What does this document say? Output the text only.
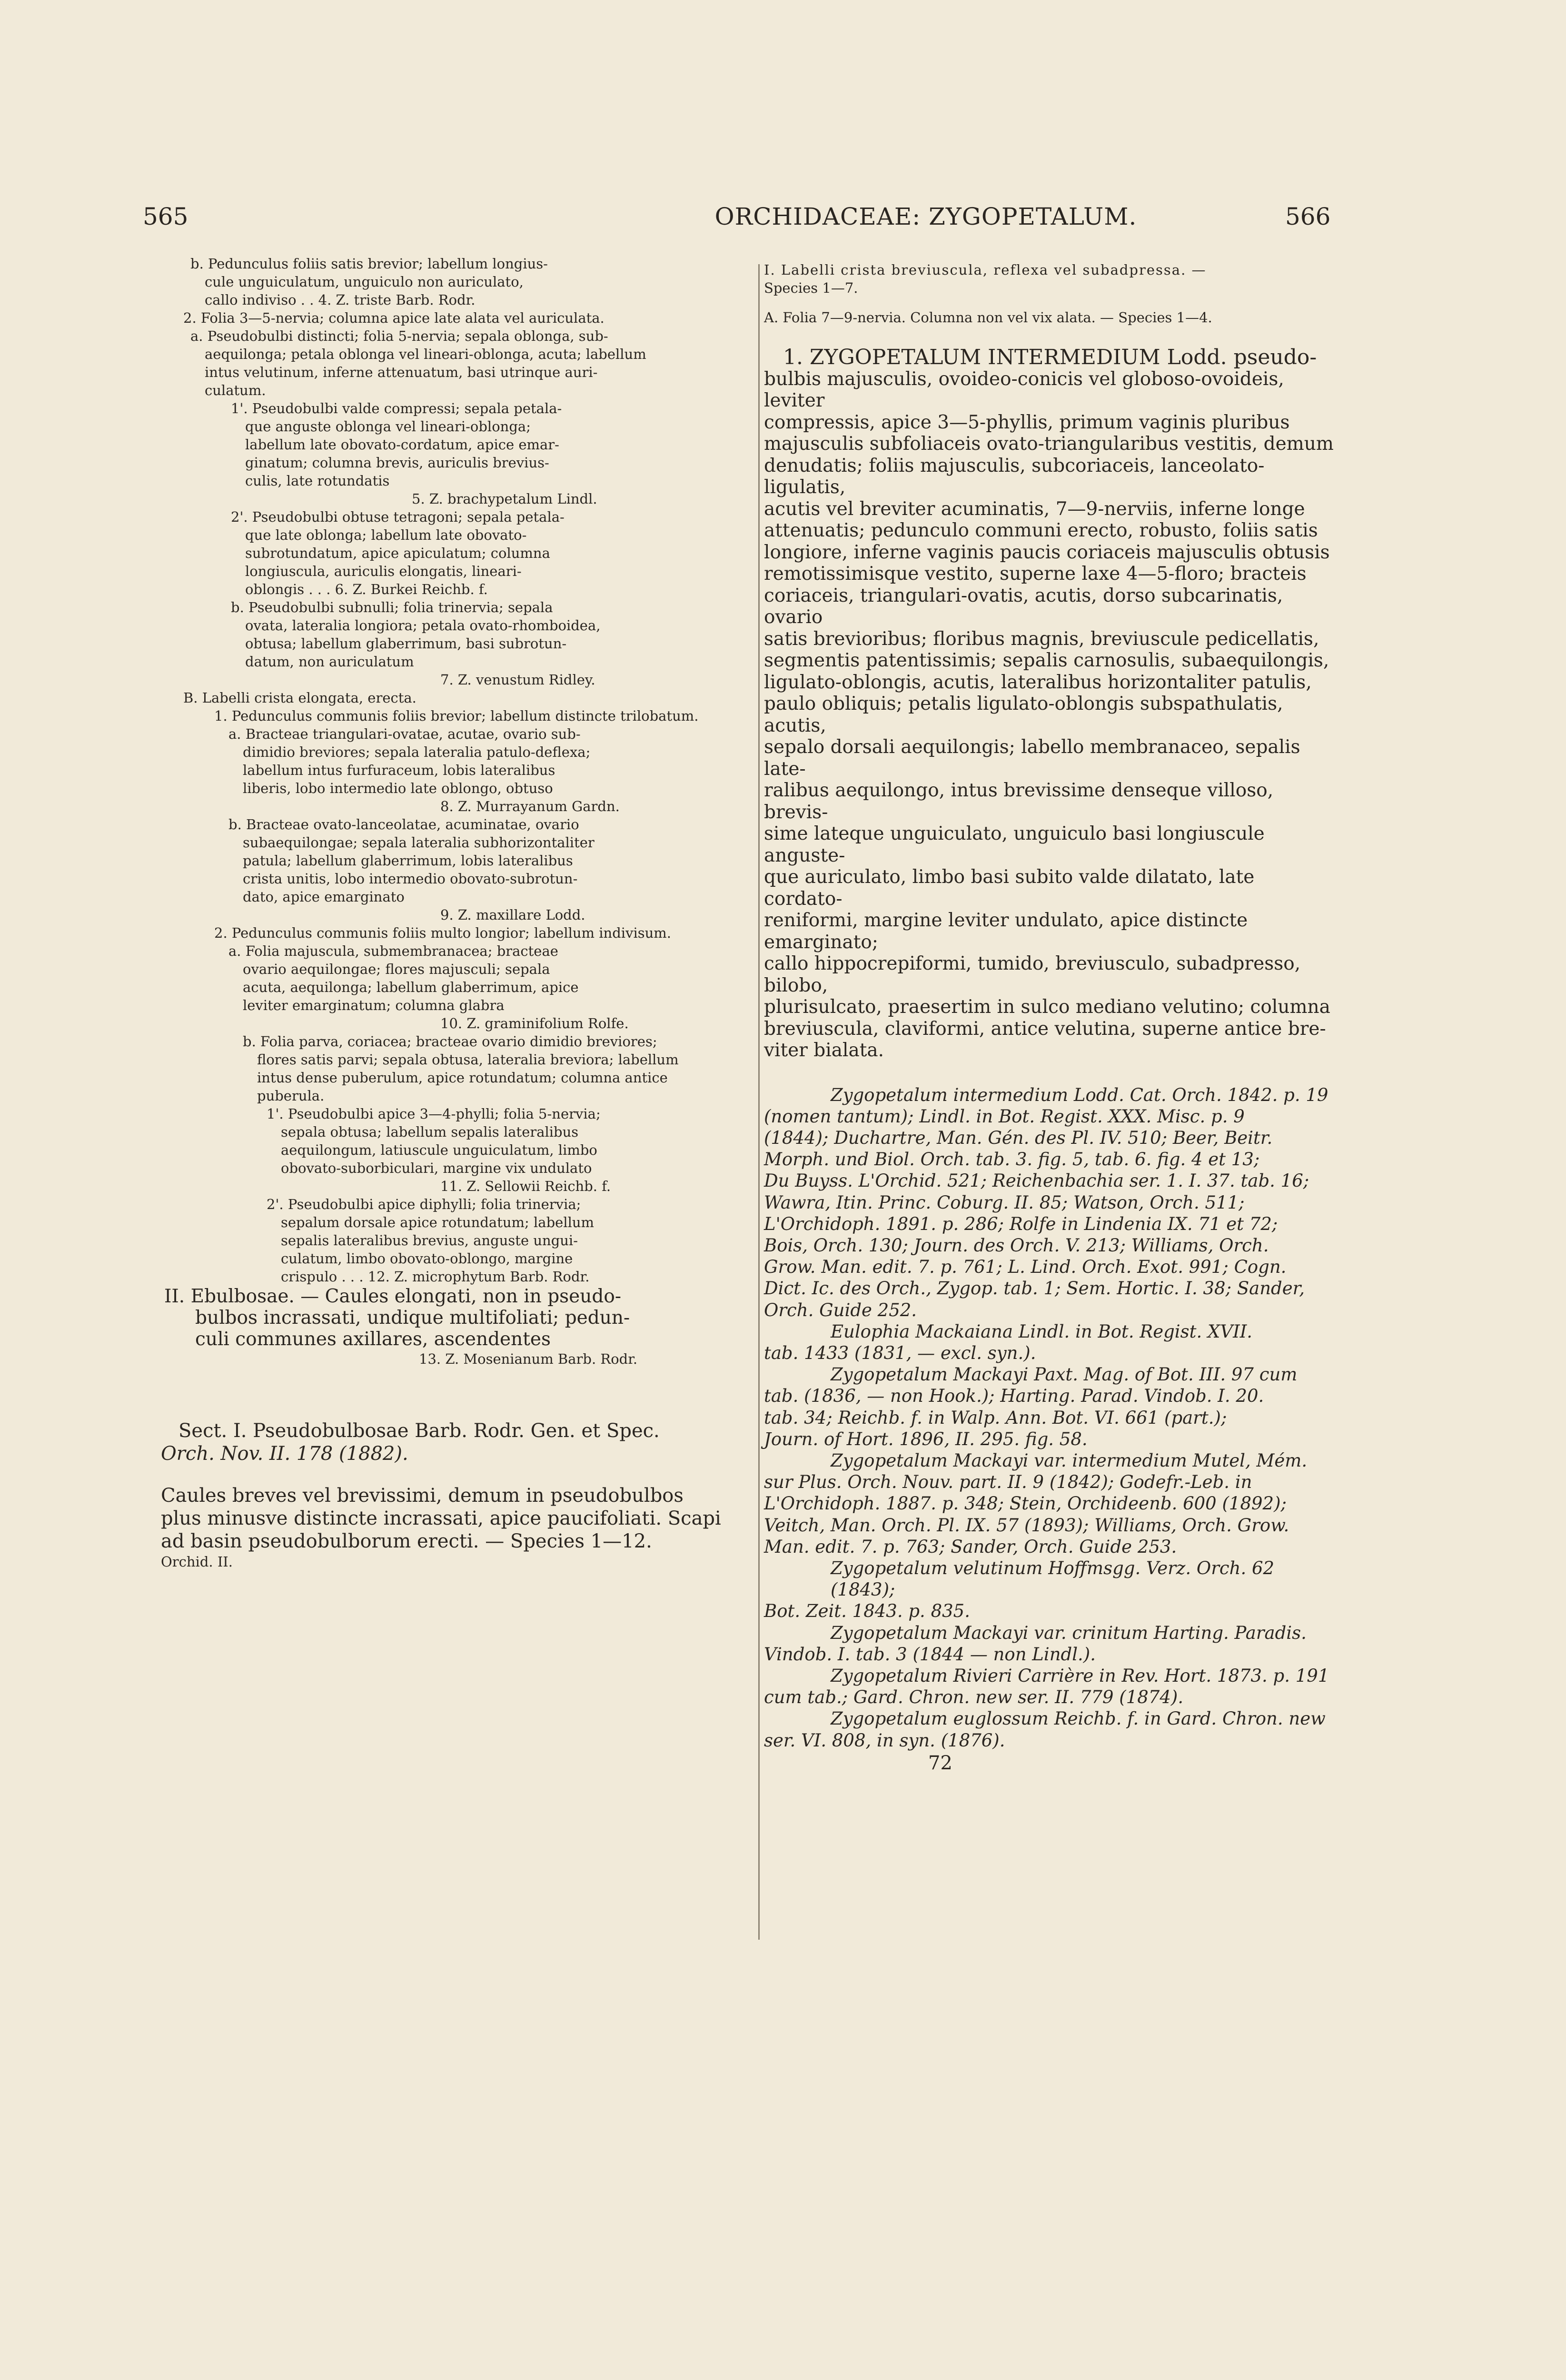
565	ORCHIDACEAE: ZYGOPETALUM.	566
b. Pedunculus foliis satis brevior; labellum longius-
cule unguiculatum, unguiculo non auriculato,
callo indiviso . . 4. Z. triste Barb. Rodr.
2. Folia 3—5-nervia; columna apice late alata vel auriculata.
a. Pseudobulbi distincti; folia 5-nervia; sepala oblonga, sub-
aequilonga; petala oblonga vel lineari-oblonga, acuta; labellum
intus velutinum, inferne attenuatum, basi utrinque auri-
culatum.
1'. Pseudobulbi valde compressi; sepala petala-
que anguste oblonga vel lineari-oblonga;
labellum late obovato-cordatum, apice emar-
ginatum; columna brevis, auriculis brevius-
culis, late rotundatis
5. Z. brachypetalum Lindl.
2'. Pseudobulbi obtuse tetragoni; sepala petala-
que late oblonga; labellum late obovato-
subrotundatum, apice apiculatum; columna
longiuscula, auriculis elongatis, lineari-
oblongis . . . 6. Z. Burkei Reichb. f.
b. Pseudobulbi subnulli; folia trinervia; sepala
ovata, lateralia longiora; petala ovato-rhomboidea,
obtusa; labellum glaberrimum, basi subrotun-
datum, non auriculatum
7. Z. venustum Ridley.
B. Labelli crista elongata, erecta.
1. Pedunculus communis foliis brevior; labellum distincte trilobatum.
a. Bracteae triangulari-ovatae, acutae, ovario sub-
dimidio breviores; sepala lateralia patulo-deflexa;
labellum intus furfuraceum, lobis lateralibus
liberis, lobo intermedio late oblongo, obtuso
8. Z. Murrayanum Gardn.
b. Bracteae ovato-lanceolatae, acuminatae, ovario
subaequilongae; sepala lateralia subhorizontaliter
patula; labellum glaberrimum, lobis lateralibus
crista unitis, lobo intermedio obovato-subrotun-
dato, apice emarginato
9. Z. maxillare Lodd.
2. Pedunculus communis foliis multo longior; labellum indivisum.
a. Folia majuscula, submembranacea; bracteae
ovario aequilongae; flores majusculi; sepala
acuta, aequilonga; labellum glaberrimum, apice
leviter emarginatum; columna glabra
10. Z. graminifolium Rolfe.
b. Folia parva, coriacea; bracteae ovario dimidio breviores;
flores satis parvi; sepala obtusa, lateralia breviora; labellum
intus dense puberulum, apice rotundatum; columna antice
puberula.
1'. Pseudobulbi apice 3—4-phylli; folia 5-nervia;
sepala obtusa; labellum sepalis lateralibus
aequilongum, latiuscule unguiculatum, limbo
obovato-suborbiculari, margine vix undulato
11. Z. Sellowii Reichb. f.
2'. Pseudobulbi apice diphylli; folia trinervia;
sepalum dorsale apice rotundatum; labellum
sepalis lateralibus brevius, anguste ungui-
culatum, limbo obovato-oblongo, margine
crispulo . . . 12. Z. microphytum Barb. Rodr.
II. Ebulbosae. — Caules elongati, non in pseudo-
bulbos incrassati, undique multifoliati; pedun-
culi communes axillares, ascendentes
13. Z. Mosenianum Barb. Rodr.
Sect. I. Pseudobulbosae Barb. Rodr. Gen. et Spec.
Orch. Nov. II. 178 (1882).
Caules breves vel brevissimi, demum in pseudobulbos
plus minusve distincte incrassati, apice paucifoliati. Scapi
ad basin pseudobulborum erecti. — Species 1—12.
Orchid. II.
I. Labelli crista breviuscula, reflexa vel subadpressa. —
Species 1—7.
A. Folia 7—9-nervia. Columna non vel vix alata. — Species 1—4.
1. ZYGOPETALUM INTERMEDIUM Lodd. pseudo-
bulbis majusculis, ovoideo-conicis vel globoso-ovoideis, leviter
compressis, apice 3—5-phyllis, primum vaginis pluribus
majusculis subfoliaceis ovato-triangularibus vestitis, demum
denudatis; foliis majusculis, subcoriaceis, lanceolato-ligulatis,
acutis vel breviter acuminatis, 7—9-nerviis, inferne longe
attenuatis; pedunculo communi erecto, robusto, foliis satis
longiore, inferne vaginis paucis coriaceis majusculis obtusis
remotissimisque vestito, superne laxe 4—5-floro; bracteis
coriaceis, triangulari-ovatis, acutis, dorso subcarinatis, ovario
satis brevioribus; floribus magnis, breviuscule pedicellatis,
segmentis patentissimis; sepalis carnosulis, subaequilongis,
ligulato-oblongis, acutis, lateralibus horizontaliter patulis,
paulo obliquis; petalis ligulato-oblongis subspathulatis, acutis,
sepalo dorsali aequilongis; labello membranaceo, sepalis late-
ralibus aequilongo, intus brevissime denseque villoso, brevis-
sime lateque unguiculato, unguiculo basi longiuscule anguste-
que auriculato, limbo basi subito valde dilatato, late cordato-
reniformi, margine leviter undulato, apice distincte emarginato;
callo hippocrepiformi, tumido, breviusculo, subadpresso, bilobo,
plurisulcato, praesertim in sulco mediano velutino; columna
breviuscula, claviformi, antice velutina, superne antice bre-
viter bialata.
Zygopetalum intermedium Lodd. Cat. Orch. 1842. p. 19
(nomen tantum); Lindl. in Bot. Regist. XXX. Misc. p. 9
(1844); Duchartre, Man. Gén. des Pl. IV. 510; Beer, Beitr.
Morph. und Biol. Orch. tab. 3. fig. 5, tab. 6. fig. 4 et 13;
Du Buyss. L'Orchid. 521; Reichenbachia ser. 1. I. 37. tab. 16;
Wawra, Itin. Princ. Coburg. II. 85; Watson, Orch. 511;
L'Orchidoph. 1891. p. 286; Rolfe in Lindenia IX. 71 et 72;
Bois, Orch. 130; Journ. des Orch. V. 213; Williams, Orch.
Grow. Man. edit. 7. p. 761; L. Lind. Orch. Exot. 991; Cogn.
Dict. Ic. des Orch., Zygop. tab. 1; Sem. Hortic. I. 38; Sander,
Orch. Guide 252.
Eulophia Mackaiana Lindl. in Bot. Regist. XVII.
tab. 1433 (1831, — excl. syn.).
Zygopetalum Mackayi Paxt. Mag. of Bot. III. 97 cum
tab. (1836, — non Hook.); Harting. Parad. Vindob. I. 20.
tab. 34; Reichb. f. in Walp. Ann. Bot. VI. 661 (part.);
Journ. of Hort. 1896, II. 295. fig. 58.
Zygopetalum Mackayi var. intermedium Mutel, Mém.
sur Plus. Orch. Nouv. part. II. 9 (1842); Godefr.-Leb. in
L'Orchidoph. 1887. p. 348; Stein, Orchideenb. 600 (1892);
Veitch, Man. Orch. Pl. IX. 57 (1893); Williams, Orch. Grow.
Man. edit. 7. p. 763; Sander, Orch. Guide 253.
Zygopetalum velutinum Hoffmsgg. Verz. Orch. 62 (1843);
Bot. Zeit. 1843. p. 835.
Zygopetalum Mackayi var. crinitum Harting. Paradis.
Vindob. I. tab. 3 (1844 — non Lindl.).
Zygopetalum Rivieri Carrière in Rev. Hort. 1873. p. 191
cum tab.; Gard. Chron. new ser. II. 779 (1874).
Zygopetalum euglossum Reichb. f. in Gard. Chron. new
ser. VI. 808, in syn. (1876).
72
